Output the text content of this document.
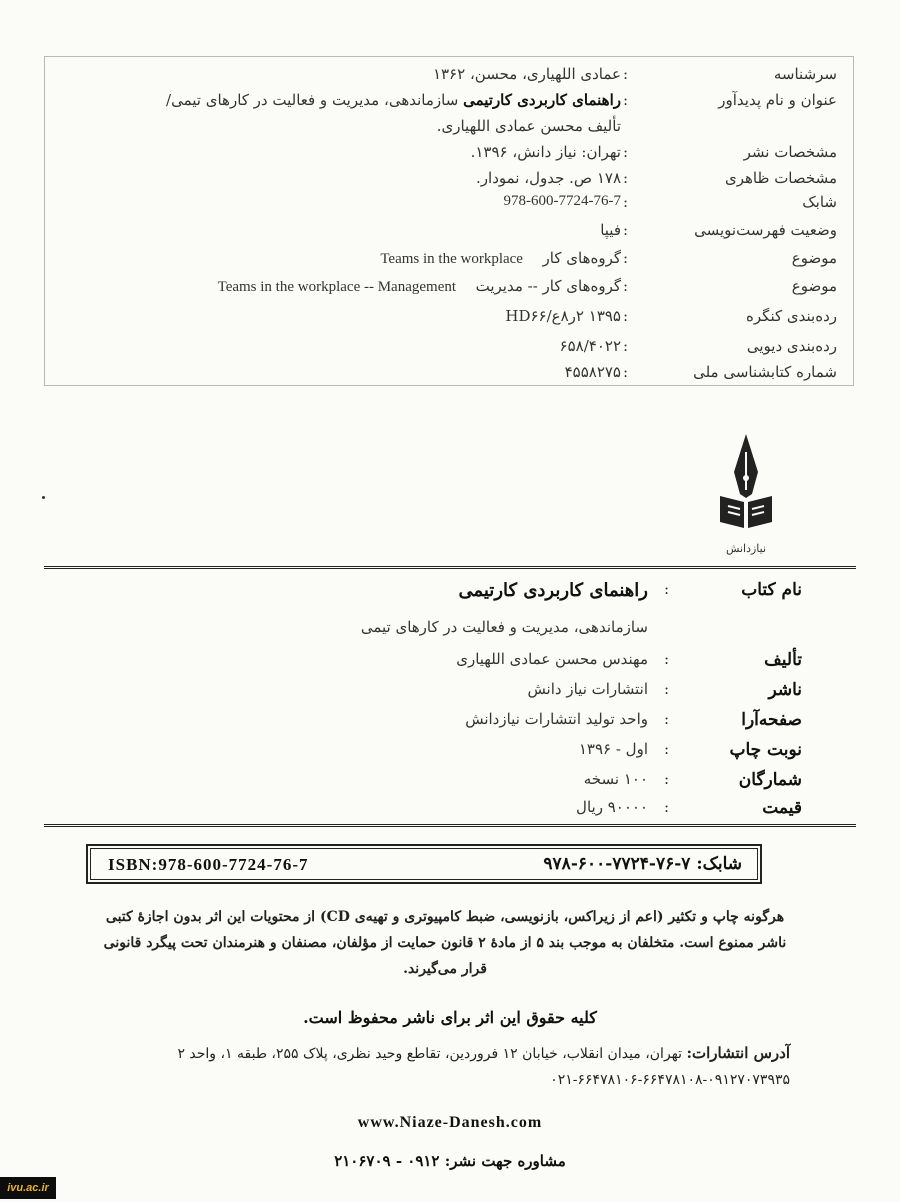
سرشناسه
:
عمادی اللهیاری، محسن، ۱۳۶۲
عنوان و نام پدیدآور
:
راهنمای کاربردی کارتیمی سازماندهی، مدیریت و فعالیت در کارهای تیمی/
تألیف محسن عمادی اللهیاری.
مشخصات نشر
:
تهران: نیاز دانش، ۱۳۹۶.
مشخصات ظاهری
:
۱۷۸ ص. جدول، نمودار.
شابک
:
978-600-7724-76-7
وضعیت فهرست‌نویسی
:
فیپا
موضوع
:
Teams in the workplace گروه‌های کار
موضوع
:
Teams in the workplace -- Management گروه‌های کار -- مدیریت
رده‌بندی کنگره
:
۱۳۹۵ ۲ر۸ع/HD۶۶
رده‌بندی دیویی
:
۶۵۸/۴۰۲۲
شماره کتابشناسی ملی
:
۴۵۵۸۲۷۵
نیازدانش
نام کتاب
:
راهنمای کاربردی کارتیمی
سازماندهی، مدیریت و فعالیت در کارهای تیمی
تألیف
:
مهندس محسن عمادی اللهیاری
ناشر
:
انتشارات نیاز دانش
صفحه‌آرا
:
واحد تولید انتشارات نیازدانش
نوبت چاپ
:
اول - ۱۳۹۶
شمارگان
:
۱۰۰ نسخه
قیمت
:
۹۰۰۰۰ ریال
ISBN:978-600-7724-76-7	شابک: ۷-۷۶-۷۷۲۴-۶۰۰-۹۷۸
هرگونه چاپ و تکثیر (اعم از زیراکس، بازنویسی، ضبط کامپیوتری و تهیه‌ی CD) از محتویات این اثر بدون اجازهٔ کتبی ناشر ممنوع است. متخلفان به موجب بند ۵ از مادهٔ ۲ قانون حمایت از مؤلفان، مصنفان و هنرمندان تحت پیگرد قانونی قرار می‌گیرند.
کلیه حقوق این اثر برای ناشر محفوظ است.
آدرس انتشارات: تهران، میدان انقلاب، خیابان ۱۲ فروردین، تقاطع وحید نظری، پلاک ۲۵۵، طبقه ۱، واحد ۲
۰۲۱-۶۶۴۷۸۱۰۶-۶۶۴۷۸۱۰۸-۰۹۱۲۷۰۷۳۹۳۵
www.Niaze-Danesh.com
مشاوره جهت نشر: ۰۹۱۲ - ۲۱۰۶۷۰۹
ivu.ac.ir
